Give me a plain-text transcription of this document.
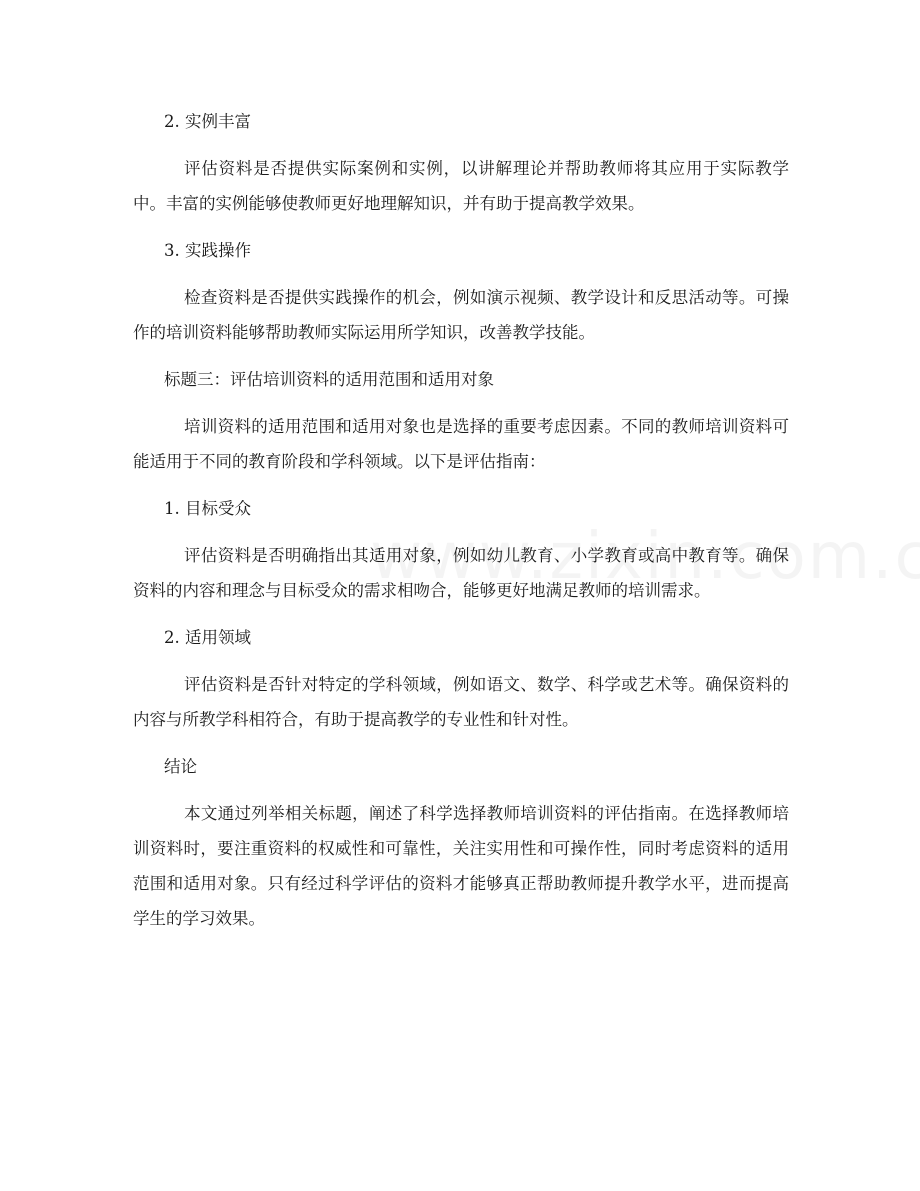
2. 实例丰富

评估资料是否提供实际案例和实例，以讲解理论并帮助教师将其应用于实际教学中。丰富的实例能够使教师更好地理解知识，并有助于提高教学效果。

3. 实践操作

检查资料是否提供实践操作的机会，例如演示视频、教学设计和反思活动等。可操作的培训资料能够帮助教师实际运用所学知识，改善教学技能。

标题三：评估培训资料的适用范围和适用对象

培训资料的适用范围和适用对象也是选择的重要考虑因素。不同的教师培训资料可能适用于不同的教育阶段和学科领域。以下是评估指南：

1. 目标受众

评估资料是否明确指出其适用对象，例如幼儿教育、小学教育或高中教育等。确保资料的内容和理念与目标受众的需求相吻合，能够更好地满足教师的培训需求。

2. 适用领域

评估资料是否针对特定的学科领域，例如语文、数学、科学或艺术等。确保资料的内容与所教学科相符合，有助于提高教学的专业性和针对性。

结论

本文通过列举相关标题，阐述了科学选择教师培训资料的评估指南。在选择教师培训资料时，要注重资料的权威性和可靠性，关注实用性和可操作性，同时考虑资料的适用范围和适用对象。只有经过科学评估的资料才能够真正帮助教师提升教学水平，进而提高学生的学习效果。
